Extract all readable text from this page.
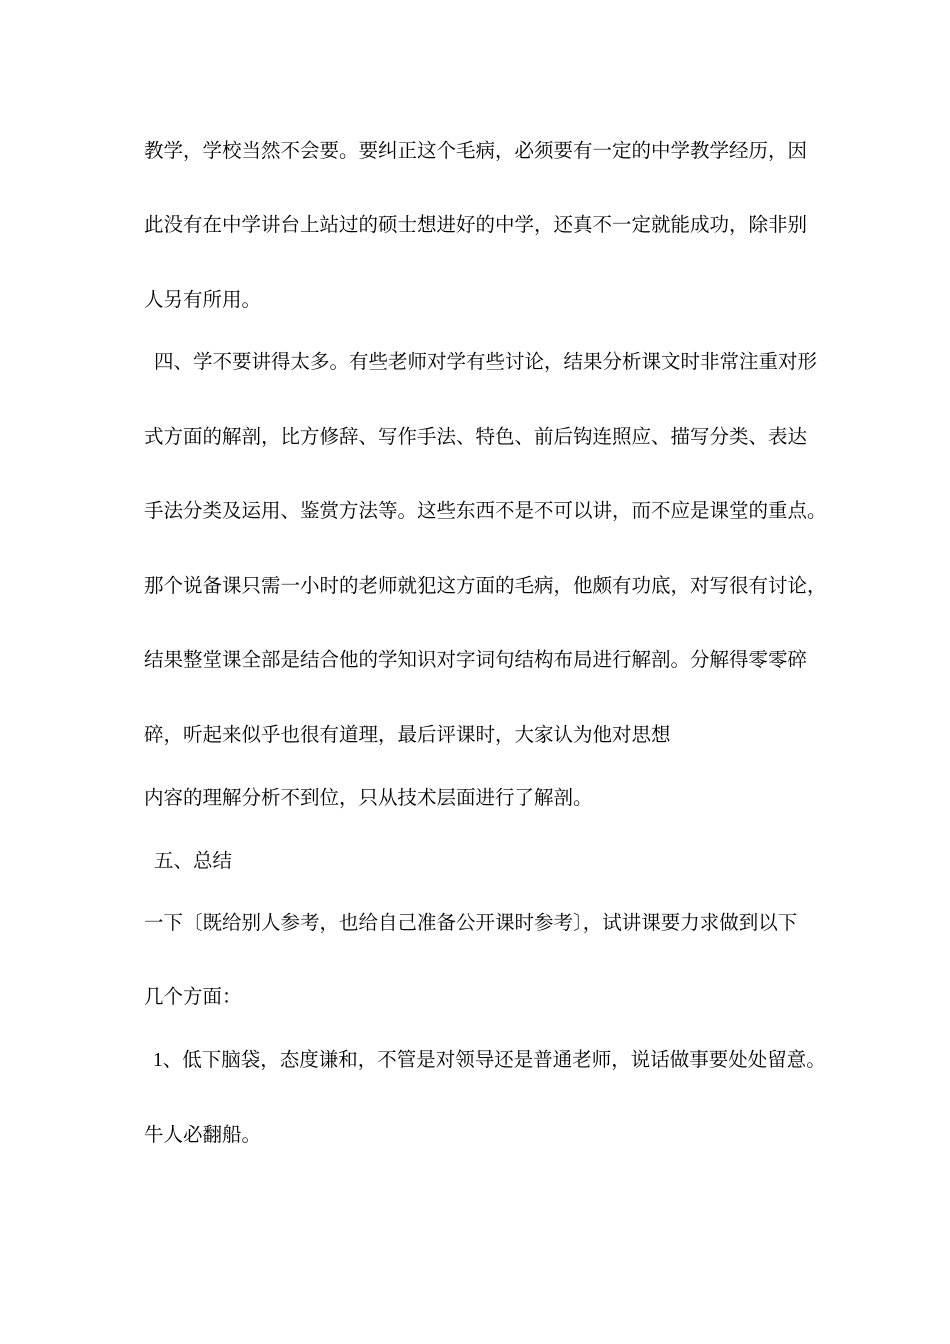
教学，学校当然不会要。要纠正这个毛病，必须要有一定的中学教学经历，因
此没有在中学讲台上站过的硕士想进好的中学，还真不一定就能成功，除非别
人另有所用。
四、学不要讲得太多。有些老师对学有些讨论，结果分析课文时非常注重对形
式方面的解剖，比方修辞、写作手法、特色、前后钩连照应、描写分类、表达
手法分类及运用、鉴赏方法等。这些东西不是不可以讲，而不应是课堂的重点。
那个说备课只需一小时的老师就犯这方面的毛病，他颇有功底，对写很有讨论，
结果整堂课全部是结合他的学知识对字词句结构布局进行解剖。分解得零零碎
碎，听起来似乎也很有道理，最后评课时，大家认为他对思想
内容的理解分析不到位，只从技术层面进行了解剖。
五、总结
一下〔既给别人参考，也给自己准备公开课时参考〕，试讲课要力求做到以下
几个方面：
1、低下脑袋，态度谦和，不管是对领导还是普通老师，说话做事要处处留意。
牛人必翻船。
